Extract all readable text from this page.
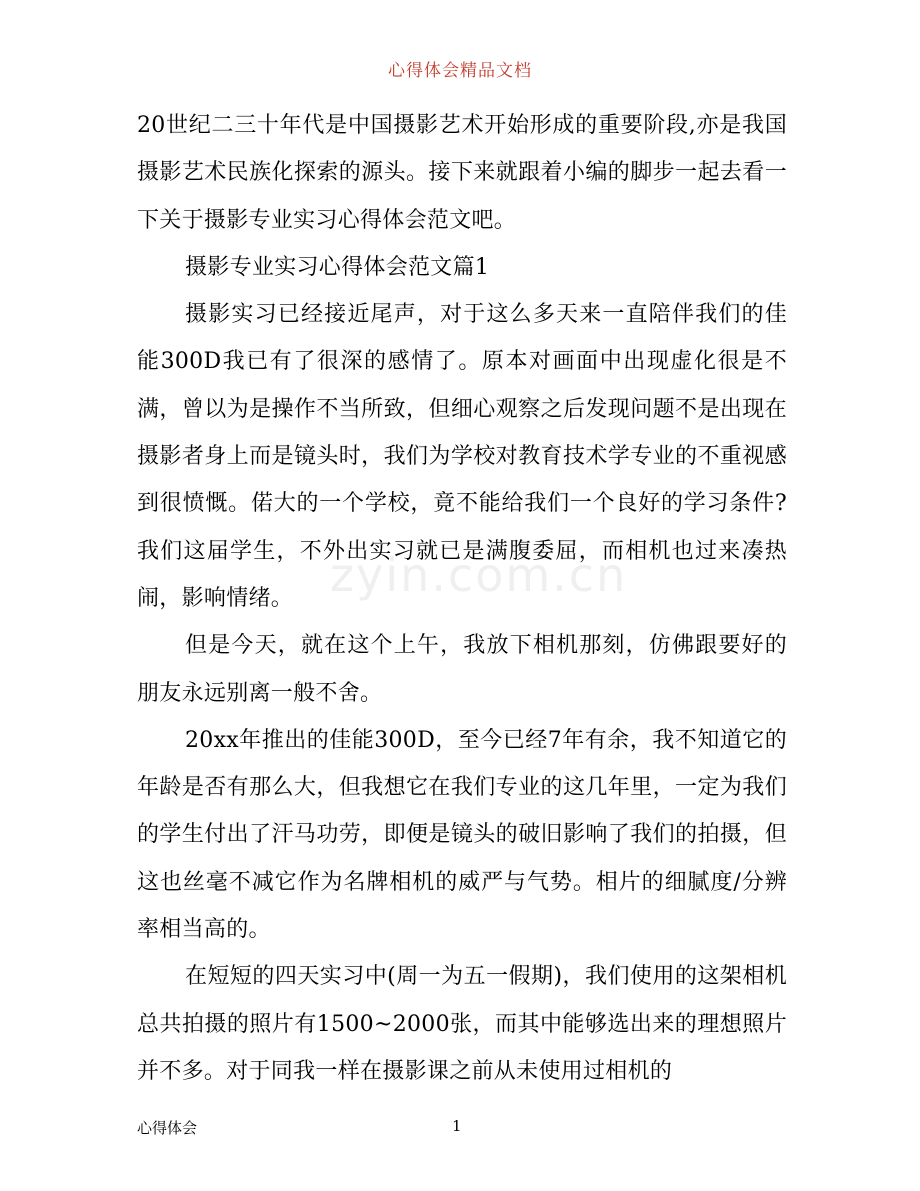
心得体会精品文档

20世纪二三十年代是中国摄影艺术开始形成的重要阶段,亦是我国摄影艺术民族化探索的源头。接下来就跟着小编的脚步一起去看一下关于摄影专业实习心得体会范文吧。

摄影专业实习心得体会范文篇1

摄影实习已经接近尾声，对于这么多天来一直陪伴我们的佳能300D我已有了很深的感情了。原本对画面中出现虚化很是不满，曾以为是操作不当所致，但细心观察之后发现问题不是出现在摄影者身上而是镜头时，我们为学校对教育技术学专业的不重视感到很愤慨。偌大的一个学校，竟不能给我们一个良好的学习条件?我们这届学生，不外出实习就已是满腹委屈，而相机也过来凑热闹，影响情绪。

但是今天，就在这个上午，我放下相机那刻，仿佛跟要好的朋友永远别离一般不舍。

20xx年推出的佳能300D，至今已经7年有余，我不知道它的年龄是否有那么大，但我想它在我们专业的这几年里，一定为我们的学生付出了汗马功劳，即便是镜头的破旧影响了我们的拍摄，但这也丝毫不减它作为名牌相机的威严与气势。相片的细腻度/分辨率相当高的。

在短短的四天实习中(周一为五一假期)，我们使用的这架相机总共拍摄的照片有1500~2000张，而其中能够选出来的理想照片并不多。对于同我一样在摄影课之前从未使用过相机的

zyin.com.cn
心得体会	1
